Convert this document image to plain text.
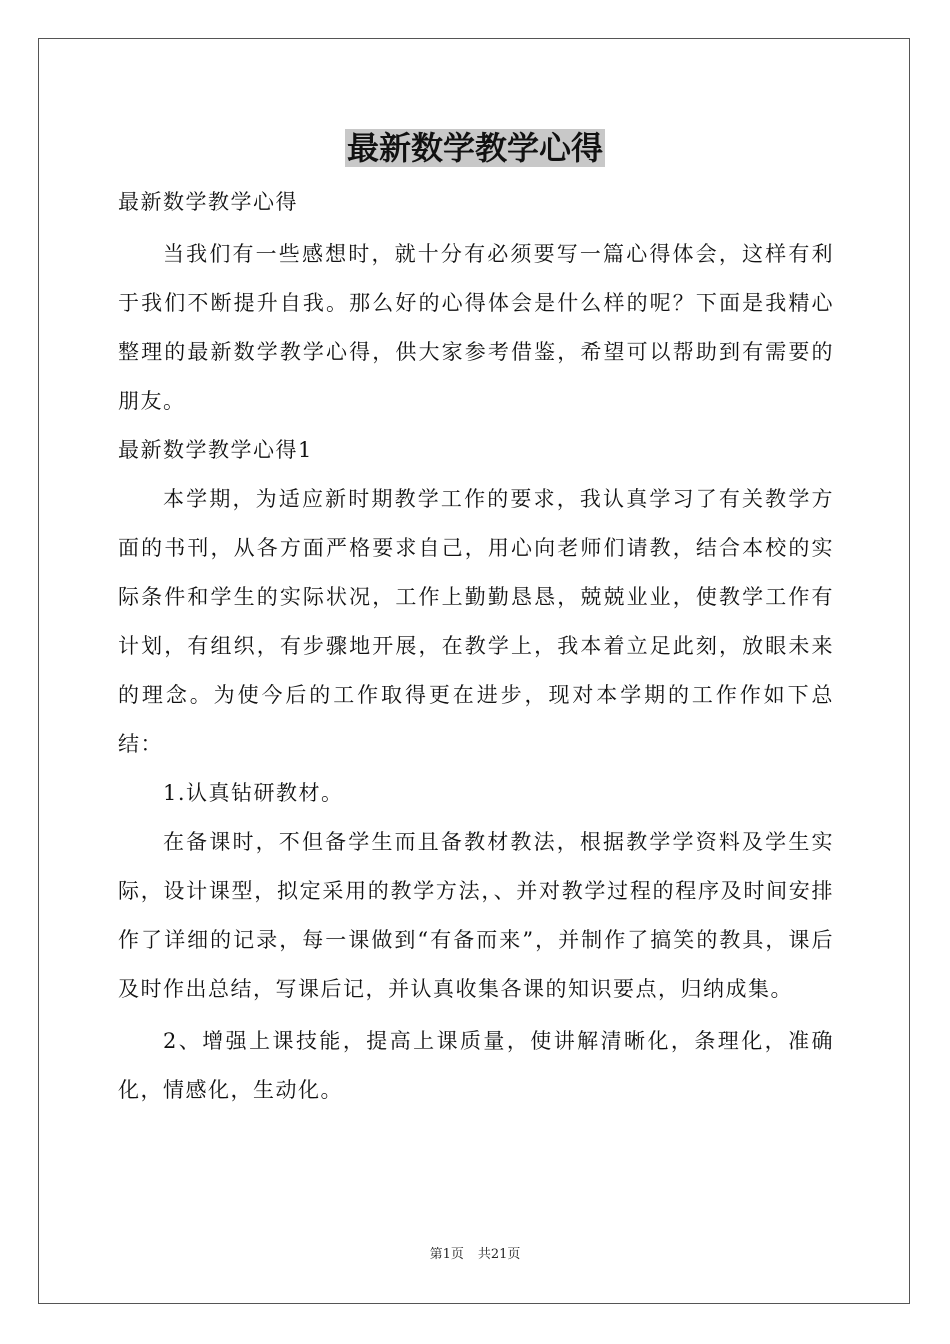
最新数学教学心得

最新数学教学心得

当我们有一些感想时，就十分有必须要写一篇心得体会，这样有利于我们不断提升自我。那么好的心得体会是什么样的呢？下面是我精心整理的最新数学教学心得，供大家参考借鉴，希望可以帮助到有需要的朋友。

最新数学教学心得1

本学期，为适应新时期教学工作的要求，我认真学习了有关教学方面的书刊，从各方面严格要求自己，用心向老师们请教，结合本校的实际条件和学生的实际状况，工作上勤勤恳恳，兢兢业业，使教学工作有计划，有组织，有步骤地开展，在教学上，我本着立足此刻，放眼未来的理念。为使今后的工作取得更在进步，现对本学期的工作作如下总结：

1.认真钻研教材。

在备课时，不但备学生而且备教材教法，根据教学学资料及学生实际，设计课型，拟定采用的教学方法，、并对教学过程的程序及时间安排作了详细的记录，每一课做到“有备而来”，并制作了搞笑的教具，课后及时作出总结，写课后记，并认真收集各课的知识要点，归纳成集。

2、增强上课技能，提高上课质量，使讲解清晰化，条理化，准确化，情感化，生动化。

第1页 共21页
